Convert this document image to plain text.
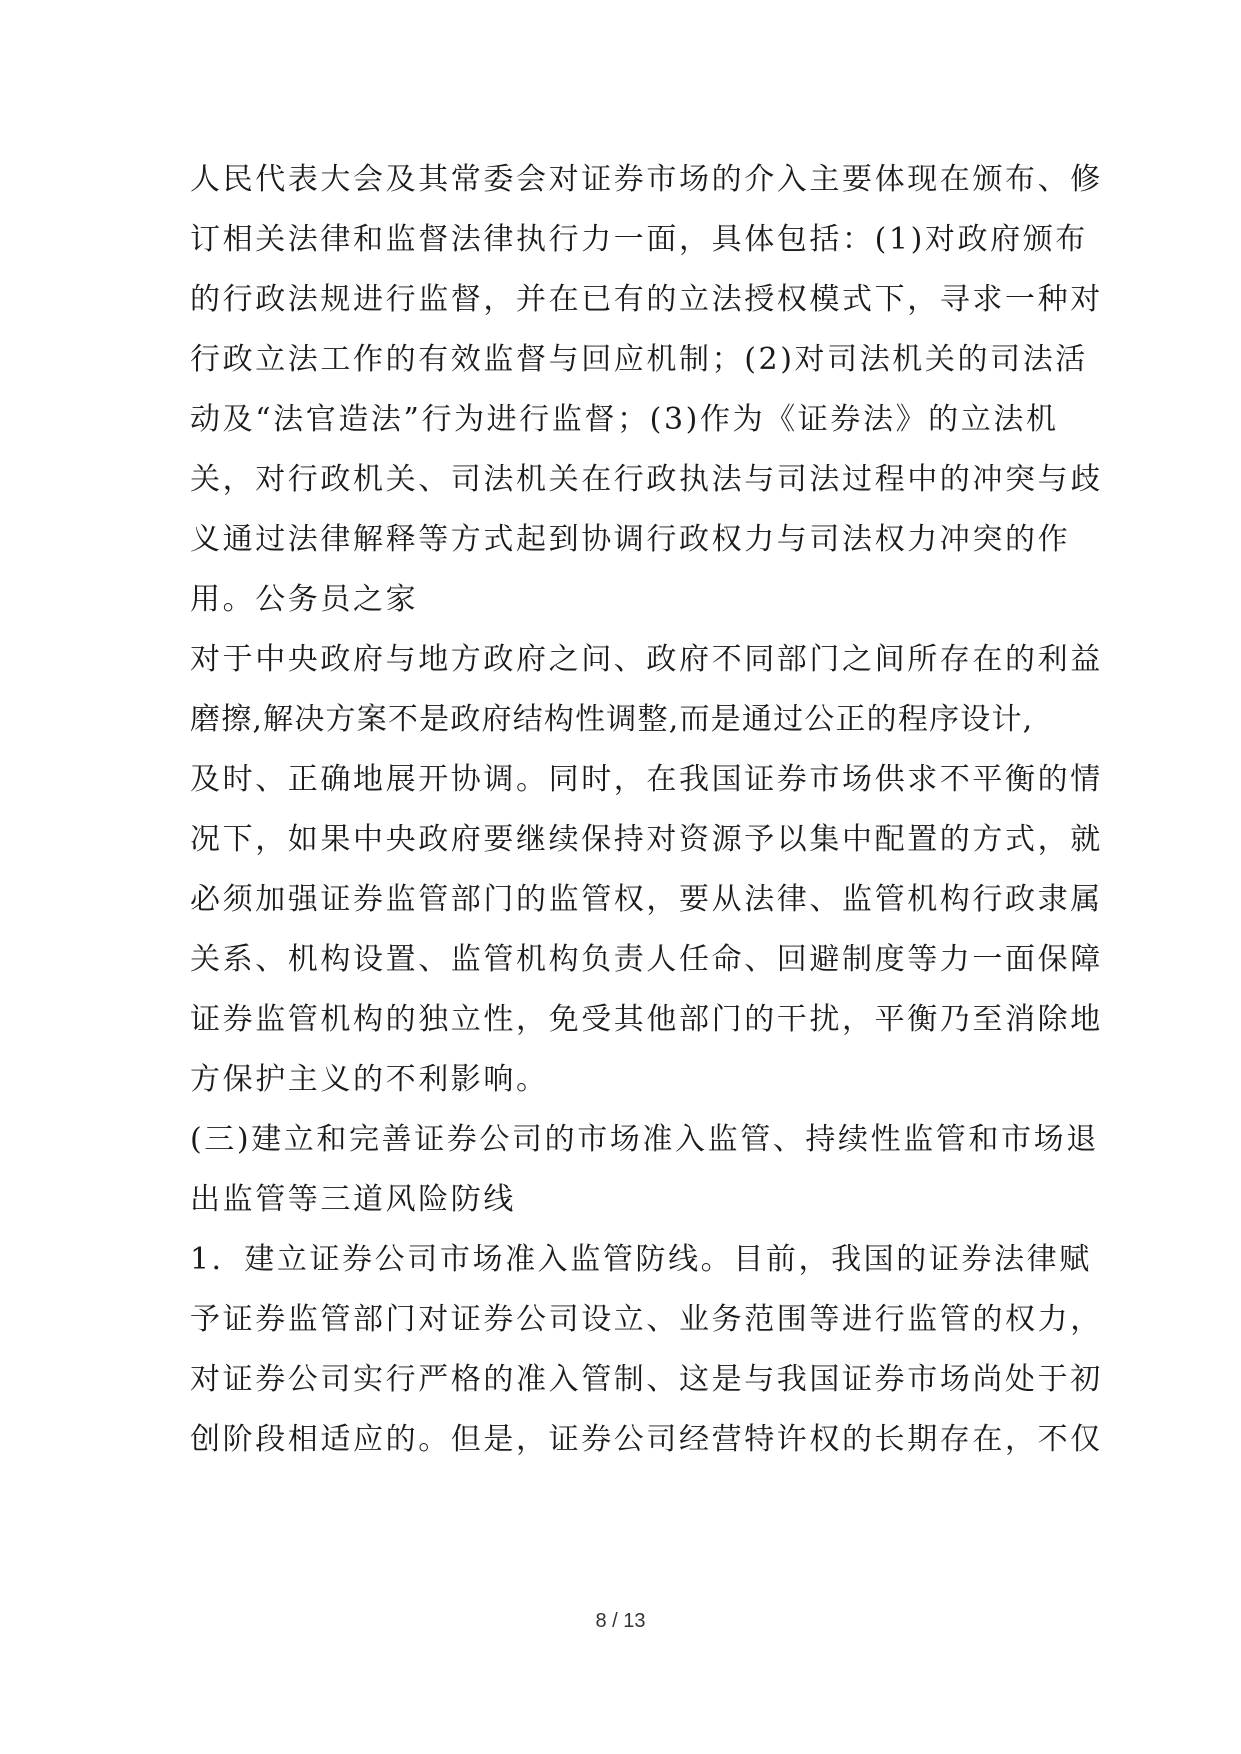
人民代表大会及其常委会对证券市场的介入主要体现在颁布、修
订相关法律和监督法律执行力一面，具体包括：(1)对政府颁布
的行政法规进行监督，并在已有的立法授权模式下，寻求一种对
行政立法工作的有效监督与回应机制；(2)对司法机关的司法活
动及“法官造法”行为进行监督；(3)作为《证券法》的立法机
关，对行政机关、司法机关在行政执法与司法过程中的冲突与歧
义通过法律解释等方式起到协调行政权力与司法权力冲突的作
用。公务员之家
对于中央政府与地方政府之问、政府不同部门之间所存在的利益
磨擦,解决方案不是政府结构性调整,而是通过公正的程序设计,
及时、正确地展开协调。同时，在我国证券市场供求不平衡的情
况下，如果中央政府要继续保持对资源予以集中配置的方式，就
必须加强证券监管部门的监管权，要从法律、监管机构行政隶属
关系、机构设置、监管机构负责人任命、回避制度等力一面保障
证券监管机构的独立性，免受其他部门的干扰，平衡乃至消除地
方保护主义的不利影响。
(三)建立和完善证券公司的市场准入监管、持续性监管和市场退
出监管等三道风险防线
1．建立证券公司市场准入监管防线。目前，我国的证券法律赋
予证券监管部门对证券公司设立、业务范围等进行监管的权力，
对证券公司实行严格的准入管制、这是与我国证券市场尚处于初
创阶段相适应的。但是，证券公司经营特许权的长期存在，不仅
8 / 13
